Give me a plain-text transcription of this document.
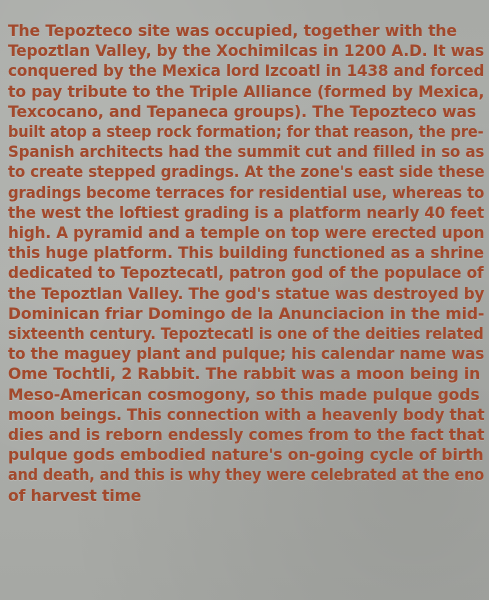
The Tepozteco site was occupied, together with the
Tepoztlan Valley, by the Xochimilcas in 1200 A.D. It was
conquered by the Mexica lord Izcoatl in 1438 and forced
to pay tribute to the Triple Alliance (formed by Mexica,
Texcocano, and Tepaneca groups). The Tepozteco was
built atop a steep rock formation; for that reason, the pre-
Spanish architects had the summit cut and filled in so as
to create stepped gradings. At the zone's east side these
gradings become terraces for residential use, whereas to
the west the loftiest grading is a platform nearly 40 feet
high. A pyramid and a temple on top were erected upon
this huge platform. This building functioned as a shrine
dedicated to Tepoztecatl, patron god of the populace of
the Tepoztlan Valley. The god's statue was destroyed by
Dominican friar Domingo de la Anunciacion in the mid-
sixteenth century. Tepoztecatl is one of the deities related
to the maguey plant and pulque; his calendar name was
Ome Tochtli, 2 Rabbit. The rabbit was a moon being in
Meso-American cosmogony, so this made pulque gods
moon beings. This connection with a heavenly body that
dies and is reborn endessly comes from to the fact that
pulque gods embodied nature's on-going cycle of birth
and death, and this is why they were celebrated at the eno
of harvest time
